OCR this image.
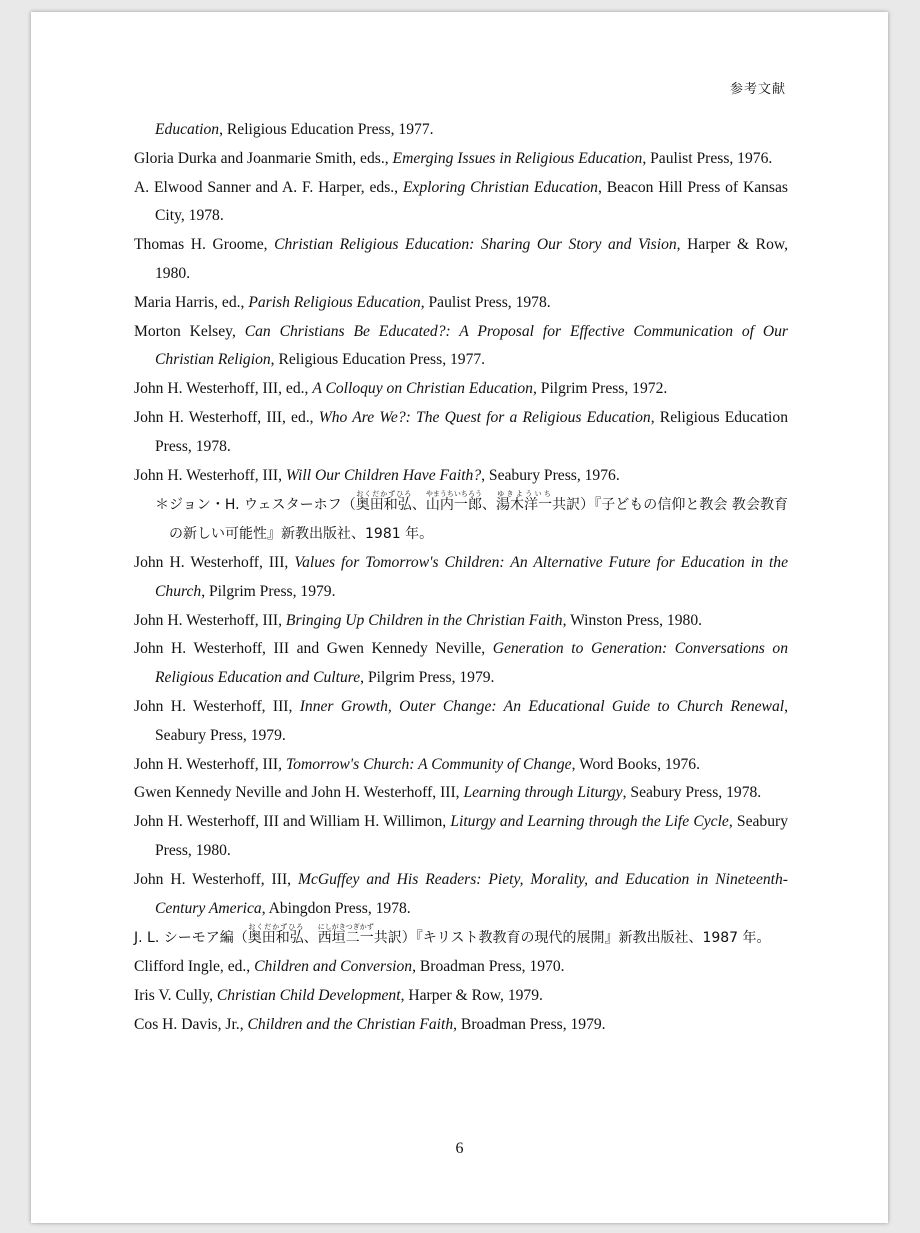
参考文献

Education, Religious Education Press, 1977.

Gloria Durka and Joanmarie Smith, eds., Emerging Issues in Religious Education, Paulist Press, 1976.

A. Elwood Sanner and A. F. Harper, eds., Exploring Christian Education, Beacon Hill Press of Kansas City, 1978.

Thomas H. Groome, Christian Religious Education: Sharing Our Story and Vision, Harper & Row, 1980.

Maria Harris, ed., Parish Religious Education, Paulist Press, 1978.

Morton Kelsey, Can Christians Be Educated?: A Proposal for Effective Communication of Our Christian Religion, Religious Education Press, 1977.

John H. Westerhoff, III, ed., A Colloquy on Christian Education, Pilgrim Press, 1972.

John H. Westerhoff, III, ed., Who Are We?: The Quest for a Religious Education, Religious Education Press, 1978.

John H. Westerhoff, III, Will Our Children Have Faith?, Seabury Press, 1976.

＊ジョン・H. ウェスターホフ（奥田和弘おくだかずひろ、山内一郎やまうちいちろう、湯木洋一ゆきよういち共訳）『子どもの信仰と教会 教会教育の新しい可能性』新教出版社、1981 年。

John H. Westerhoff, III, Values for Tomorrow's Children: An Alternative Future for Education in the Church, Pilgrim Press, 1979.

John H. Westerhoff, III, Bringing Up Children in the Christian Faith, Winston Press, 1980.

John H. Westerhoff, III and Gwen Kennedy Neville, Generation to Generation: Conversations on Religious Education and Culture, Pilgrim Press, 1979.

John H. Westerhoff, III, Inner Growth, Outer Change: An Educational Guide to Church Renewal, Seabury Press, 1979.

John H. Westerhoff, III, Tomorrow's Church: A Community of Change, Word Books, 1976.

Gwen Kennedy Neville and John H. Westerhoff, III, Learning through Liturgy, Seabury Press, 1978.

John H. Westerhoff, III and William H. Willimon, Liturgy and Learning through the Life Cycle, Seabury Press, 1980.

John H. Westerhoff, III, McGuffey and His Readers: Piety, Morality, and Education in Nineteenth-Century America, Abingdon Press, 1978.

J. L. シーモア編（奥田和弘おくだかずひろ、西垣二一にしがきつぎかず共訳）『キリスト教教育の現代的展開』新教出版社、1987 年。

Clifford Ingle, ed., Children and Conversion, Broadman Press, 1970.

Iris V. Cully, Christian Child Development, Harper & Row, 1979.

Cos H. Davis, Jr., Children and the Christian Faith, Broadman Press, 1979.

6
